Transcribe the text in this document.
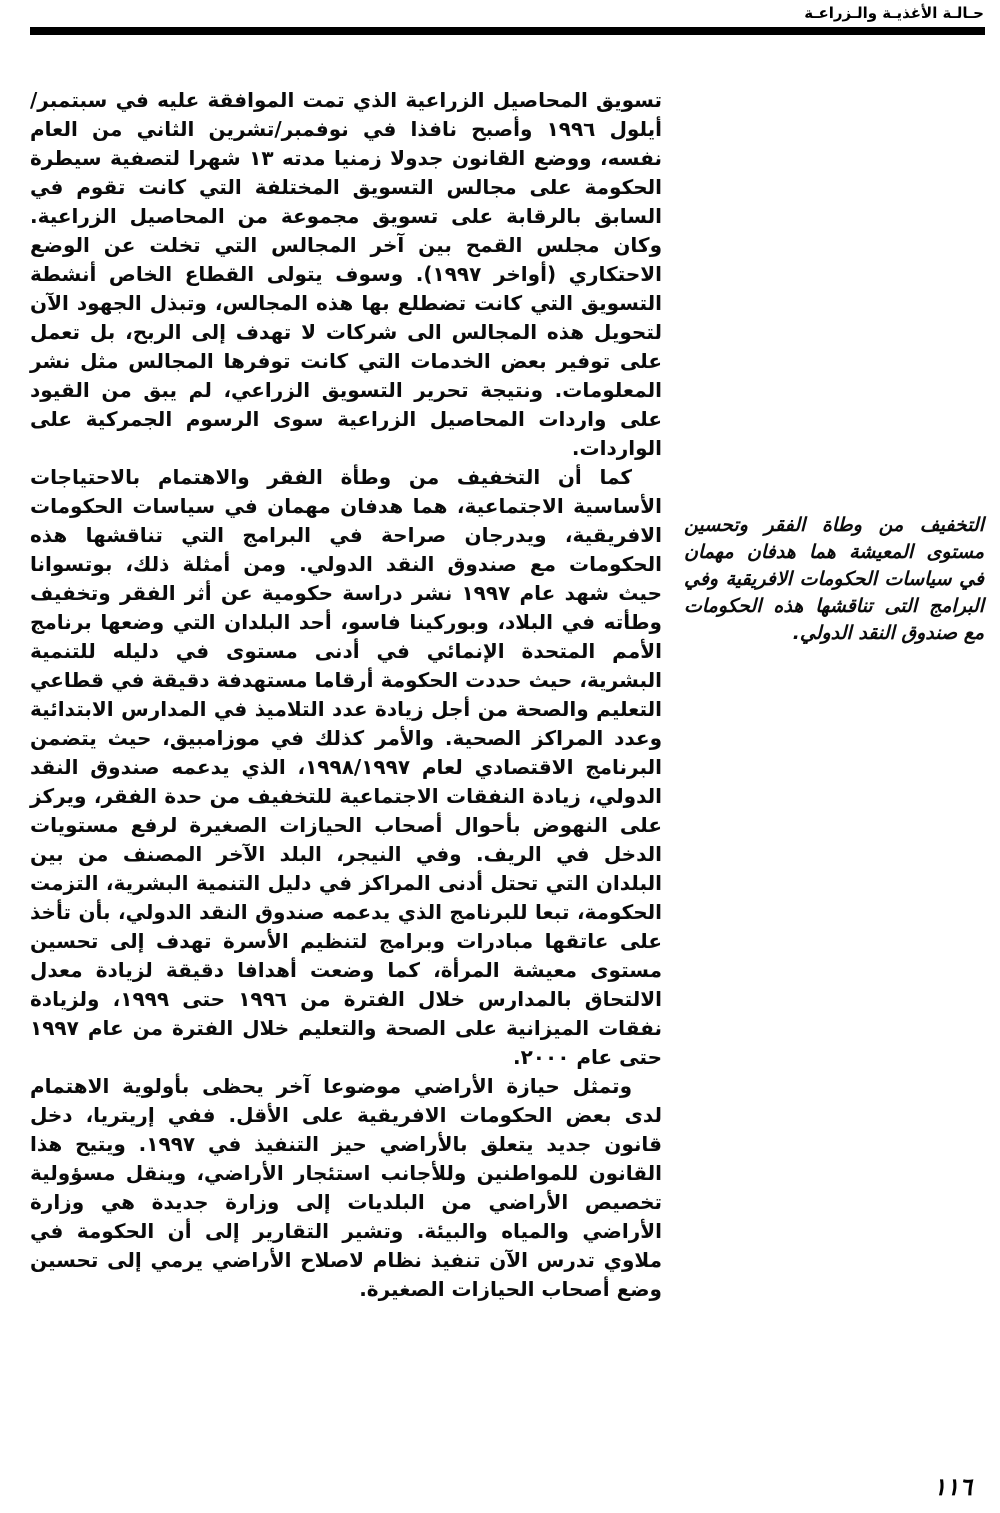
حـالـة الأغذيـة والـزراعـة

تسويق المحاصيل الزراعية الذي تمت الموافقة عليه في سبتمبر/أيلول ١٩٩٦ وأصبح نافذا في نوفمبر/تشرين الثاني من العام نفسه، ووضع القانون جدولا زمنيا مدته ١٣ شهرا لتصفية سيطرة الحكومة على مجالس التسويق المختلفة التي كانت تقوم في السابق بالرقابة على تسويق مجموعة من المحاصيل الزراعية. وكان مجلس القمح بين آخر المجالس التي تخلت عن الوضع الاحتكاري (أواخر ١٩٩٧). وسوف يتولى القطاع الخاص أنشطة التسويق التي كانت تضطلع بها هذه المجالس، وتبذل الجهود الآن لتحويل هذه المجالس الى شركات لا تهدف إلى الربح، بل تعمل على توفير بعض الخدمات التي كانت توفرها المجالس مثل نشر المعلومات. ونتيجة تحرير التسويق الزراعي، لم يبق من القيود على واردات المحاصيل الزراعية سوى الرسوم الجمركية على الواردات.

كما أن التخفيف من وطأة الفقر والاهتمام بالاحتياجات الأساسية الاجتماعية، هما هدفان مهمان في سياسات الحكومات الافريقية، ويدرجان صراحة في البرامج التي تناقشها هذه الحكومات مع صندوق النقد الدولي. ومن أمثلة ذلك، بوتسوانا حيث شهد عام ١٩٩٧ نشر دراسة حكومية عن أثر الفقر وتخفيف وطأته في البلاد، وبوركينا فاسو، أحد البلدان التي وضعها برنامج الأمم المتحدة الإنمائي في أدنى مستوى في دليله للتنمية البشرية، حيث حددت الحكومة أرقاما مستهدفة دقيقة في قطاعي التعليم والصحة من أجل زيادة عدد التلاميذ في المدارس الابتدائية وعدد المراكز الصحية. والأمر كذلك في موزامبيق، حيث يتضمن البرنامج الاقتصادي لعام ١٩٩٨/١٩٩٧، الذي يدعمه صندوق النقد الدولي، زيادة النفقات الاجتماعية للتخفيف من حدة الفقر، ويركز على النهوض بأحوال أصحاب الحيازات الصغيرة لرفع مستويات الدخل في الريف. وفي النيجر، البلد الآخر المصنف من بين البلدان التي تحتل أدنى المراكز في دليل التنمية البشرية، التزمت الحكومة، تبعا للبرنامج الذي يدعمه صندوق النقد الدولي، بأن تأخذ على عاتقها مبادرات وبرامج لتنظيم الأسرة تهدف إلى تحسين مستوى معيشة المرأة، كما وضعت أهدافا دقيقة لزيادة معدل الالتحاق بالمدارس خلال الفترة من ١٩٩٦ حتى ١٩٩٩، ولزيادة نفقات الميزانية على الصحة والتعليم خلال الفترة من عام ١٩٩٧ حتى عام ٢٠٠٠.

وتمثل حيازة الأراضي موضوعا آخر يحظى بأولوية الاهتمام لدى بعض الحكومات الافريقية على الأقل. ففي إريتريا، دخل قانون جديد يتعلق بالأراضي حيز التنفيذ في ١٩٩٧. ويتيح هذا القانون للمواطنين وللأجانب استئجار الأراضي، وينقل مسؤولية تخصيص الأراضي من البلديات إلى وزارة جديدة هي وزارة الأراضي والمياه والبيئة. وتشير التقارير إلى أن الحكومة في ملاوي تدرس الآن تنفيذ نظام لاصلاح الأراضي يرمي إلى تحسين وضع أصحاب الحيازات الصغيرة.

التخفيف من وطاة الفقر وتحسين مستوى المعيشة هما هدفان مهمان في سياسات الحكومات الافريقية وفي البرامج التى تناقشها هذه الحكومات مع صندوق النقد الدولي.
١١٦
